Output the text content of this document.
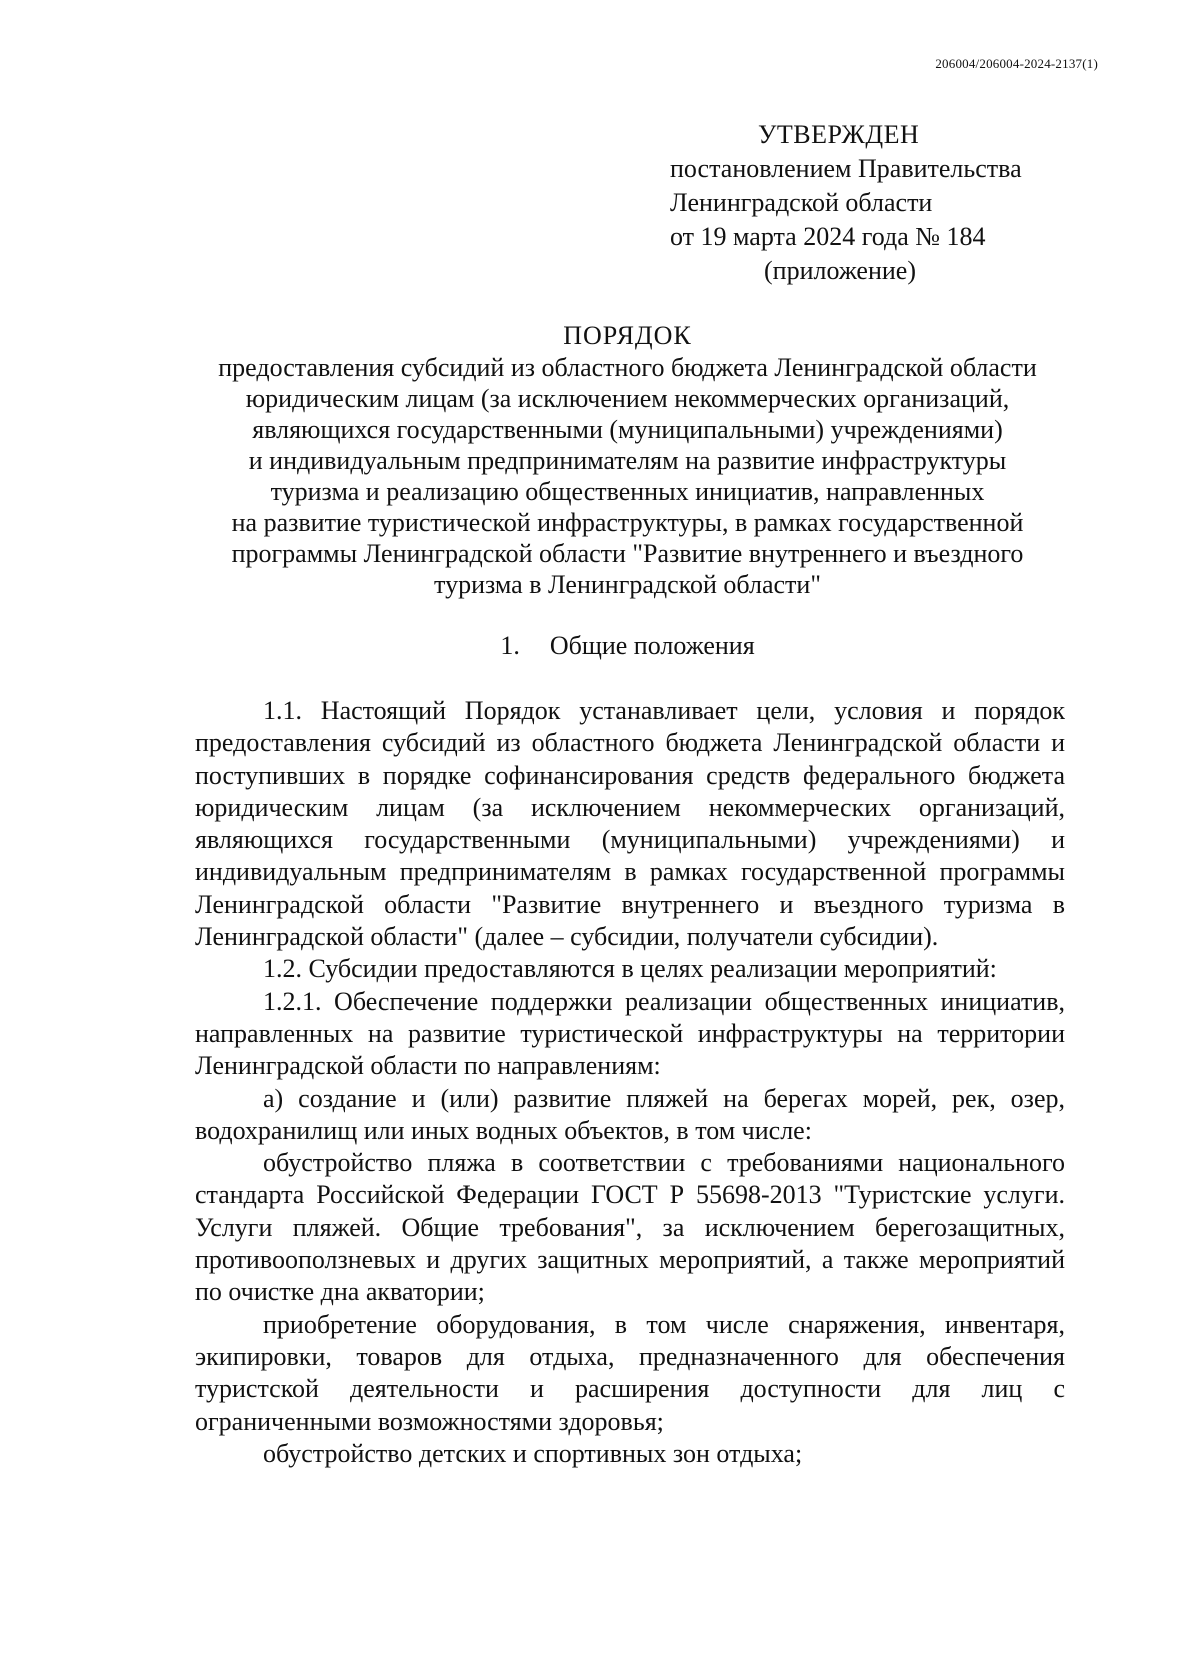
206004/206004-2024-2137(1)
УТВЕРЖДЕН
постановлением Правительства
Ленинградской области
от 19 марта 2024 года № 184
(приложение)
ПОРЯДОК
предоставления субсидий из областного бюджета Ленинградской области
юридическим лицам (за исключением некоммерческих организаций,
являющихся государственными (муниципальными) учреждениями)
и индивидуальным предпринимателям на развитие инфраструктуры
туризма и реализацию общественных инициатив, направленных
на развитие туристической инфраструктуры, в рамках государственной
программы Ленинградской области "Развитие внутреннего и въездного
туризма в Ленинградской области"
1. Общие положения

1.1. Настоящий Порядок устанавливает цели, условия и порядок предоставления субсидий из областного бюджета Ленинградской области и поступивших в порядке софинансирования средств федерального бюджета юридическим лицам (за исключением некоммерческих организаций, являющихся государственными (муниципальными) учреждениями) и индивидуальным предпринимателям в рамках государственной программы Ленинградской области "Развитие внутреннего и въездного туризма в Ленинградской области" (далее – субсидии, получатели субсидии).

1.2. Субсидии предоставляются в целях реализации мероприятий:

1.2.1. Обеспечение поддержки реализации общественных инициатив, направленных на развитие туристической инфраструктуры на территории Ленинградской области по направлениям:

а) создание и (или) развитие пляжей на берегах морей, рек, озер, водохранилищ или иных водных объектов, в том числе:

обустройство пляжа в соответствии с требованиями национального стандарта Российской Федерации ГОСТ Р 55698-2013 "Туристские услуги. Услуги пляжей. Общие требования", за исключением берегозащитных, противооползневых и других защитных мероприятий, а также мероприятий по очистке дна акватории;

приобретение оборудования, в том числе снаряжения, инвентаря, экипировки, товаров для отдыха, предназначенного для обеспечения туристской деятельности и расширения доступности для лиц с ограниченными возможностями здоровья;

обустройство детских и спортивных зон отдыха;
